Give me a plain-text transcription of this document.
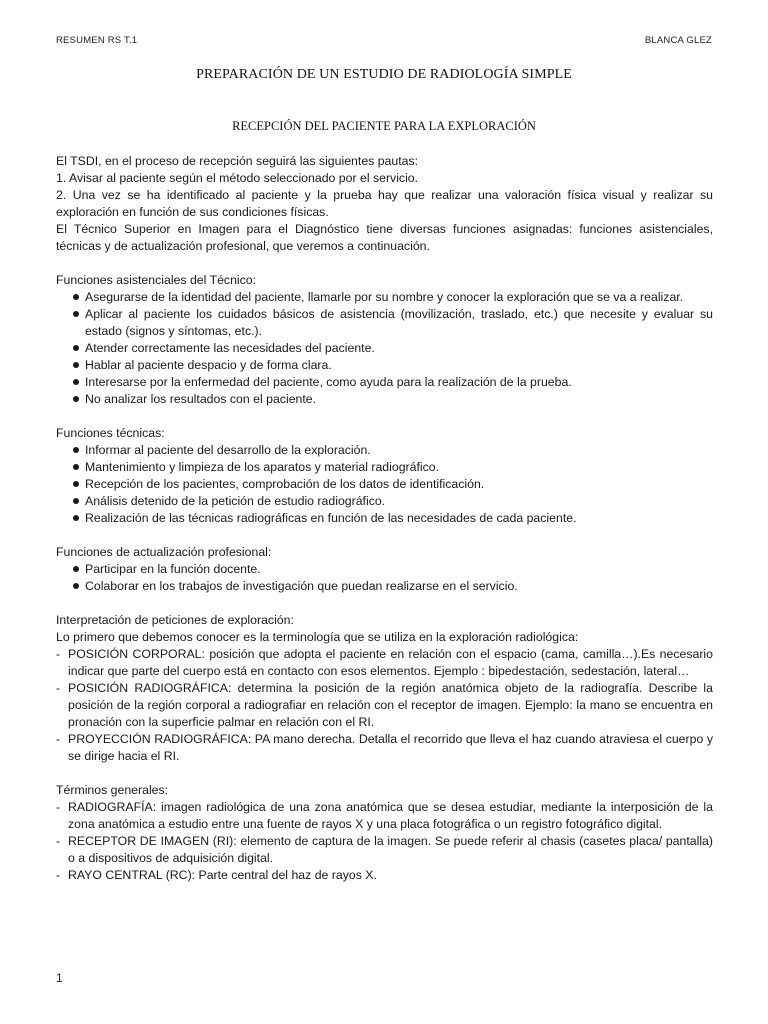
RESUMEN RS T.1	BLANCA GLEZ
PREPARACIÓN DE UN ESTUDIO DE RADIOLOGÍA SIMPLE
RECEPCIÓN DEL PACIENTE PARA LA EXPLORACIÓN

El TSDI, en el proceso de recepción seguirá las siguientes pautas:

1. Avisar al paciente según el método seleccionado por el servicio.

2. Una vez se ha identificado al paciente y la prueba hay que realizar una valoración física visual y realizar su exploración en función de sus condiciones físicas.

El Técnico Superior en Imagen para el Diagnóstico tiene diversas funciones asignadas: funciones asistenciales, técnicas y de actualización profesional, que veremos a continuación.

Funciones asistenciales del Técnico:

Asegurarse de la identidad del paciente, llamarle por su nombre y conocer la exploración que se va a realizar.
Aplicar al paciente los cuidados básicos de asistencia (movilización, traslado, etc.) que necesite y evaluar su estado (signos y síntomas, etc.).
Atender correctamente las necesidades del paciente.
Hablar al paciente despacio y de forma clara.
Interesarse por la enfermedad del paciente, como ayuda para la realización de la prueba.
No analizar los resultados con el paciente.

Funciones técnicas:

Informar al paciente del desarrollo de la exploración.
Mantenimiento y limpieza de los aparatos y material radiográfico.
Recepción de los pacientes, comprobación de los datos de identificación.
Análisis detenido de la petición de estudio radiográfico.
Realización de las técnicas radiográficas en función de las necesidades de cada paciente.

Funciones de actualización profesional:

Participar en la función docente.
Colaborar en los trabajos de investigación que puedan realizarse en el servicio.

Interpretación de peticiones de exploración:

Lo primero que debemos conocer es la terminología que se utiliza en la exploración radiológica:

- POSICIÓN CORPORAL: posición que adopta el paciente en relación con el espacio (cama, camilla…).Es necesario indicar que parte del cuerpo está en contacto con esos elementos. Ejemplo : bipedestación, sedestación, lateral…
- POSICIÓN RADIOGRÁFICA: determina la posición de la región anatómica objeto de la radiografía. Describe la posición de la región corporal a radiografiar en relación con el receptor de imagen. Ejemplo: la mano se encuentra en pronación con la superficie palmar en relación con el RI.
- PROYECCIÓN RADIOGRÁFICA: PA mano derecha. Detalla el recorrido que lleva el haz cuando atraviesa el cuerpo y se dirige hacia el RI.

Términos generales:

- RADIOGRAFÍA: imagen radiológica de una zona anatómica que se desea estudiar, mediante la interposición de la zona anatómica a estudio entre una fuente de rayos X y una placa fotográfica o un registro fotográfico digital.
- RECEPTOR DE IMAGEN (RI): elemento de captura de la imagen. Se puede referir al chasis (casetes placa/ pantalla) o a dispositivos de adquisición digital.
- RAYO CENTRAL (RC): Parte central del haz de rayos X.
1
